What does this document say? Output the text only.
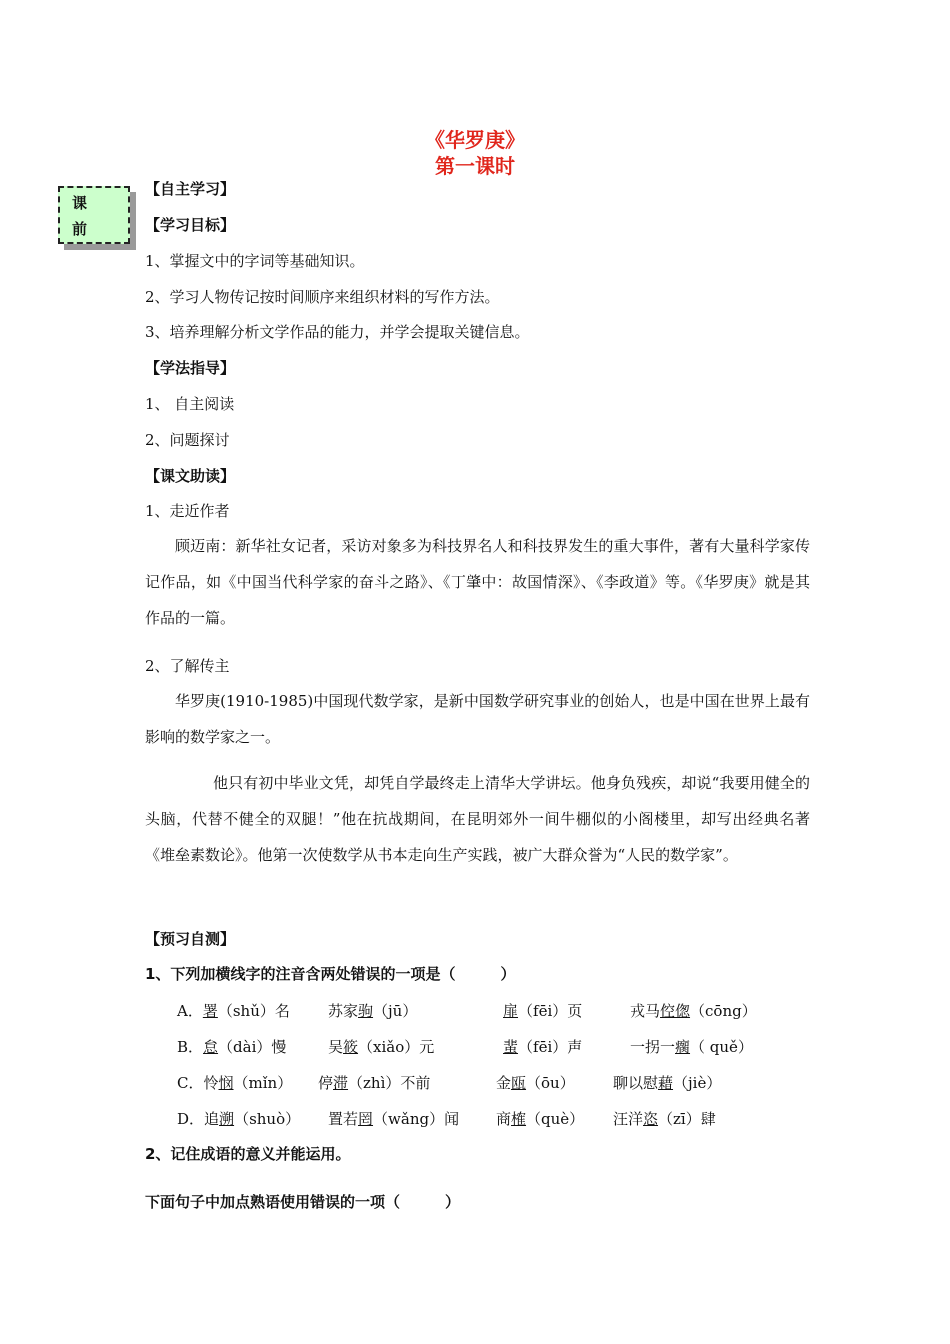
《华罗庚》
第一课时
课
前
【自主学习】
【学习目标】
1、掌握文中的字词等基础知识。
2、学习人物传记按时间顺序来组织材料的写作方法。
3、培养理解分析文学作品的能力，并学会提取关键信息。
【学法指导】
1、 自主阅读
2、问题探讨
【课文助读】
1、走近作者
顾迈南：新华社女记者，采访对象多为科技界名人和科技界发生的重大事件，著有大量科学家传记作品，如《中国当代科学家的奋斗之路》、《丁肇中：故国情深》、《李政道》等。《华罗庚》就是其作品的一篇。
2、了解传主
华罗庚(1910-1985)中国现代数学家，是新中国数学研究事业的创始人，也是中国在世界上最有影响的数学家之一。
他只有初中毕业文凭，却凭自学最终走上清华大学讲坛。他身负残疾，却说“我要用健全的头脑，代替不健全的双腿！”他在抗战期间，在昆明郊外一间牛棚似的小阁楼里，却写出经典名著《堆垒素数论》。他第一次使数学从书本走向生产实践，被广大群众誉为“人民的数学家”。
【预习自测】
1、下列加横线字的注音含两处错误的一项是（　　　）
A．署（shǔ）名	苏家驹（jū）	扉（fēi）页	戎马倥偬（cōng）
B．怠（dài）慢	吴筱（xiǎo）元	蜚（fēi）声	一拐一瘸（ quě）
C．怜悯（mǐn） 停滞（zhì）不前	金瓯（ōu）	聊以慰藉（jiè）
D．追溯（shuò） 置若罔（wǎng）闻 商榷（què） 汪洋恣（zī）肆
2、记住成语的意义并能运用。
下面句子中加点熟语使用错误的一项（　　　）
